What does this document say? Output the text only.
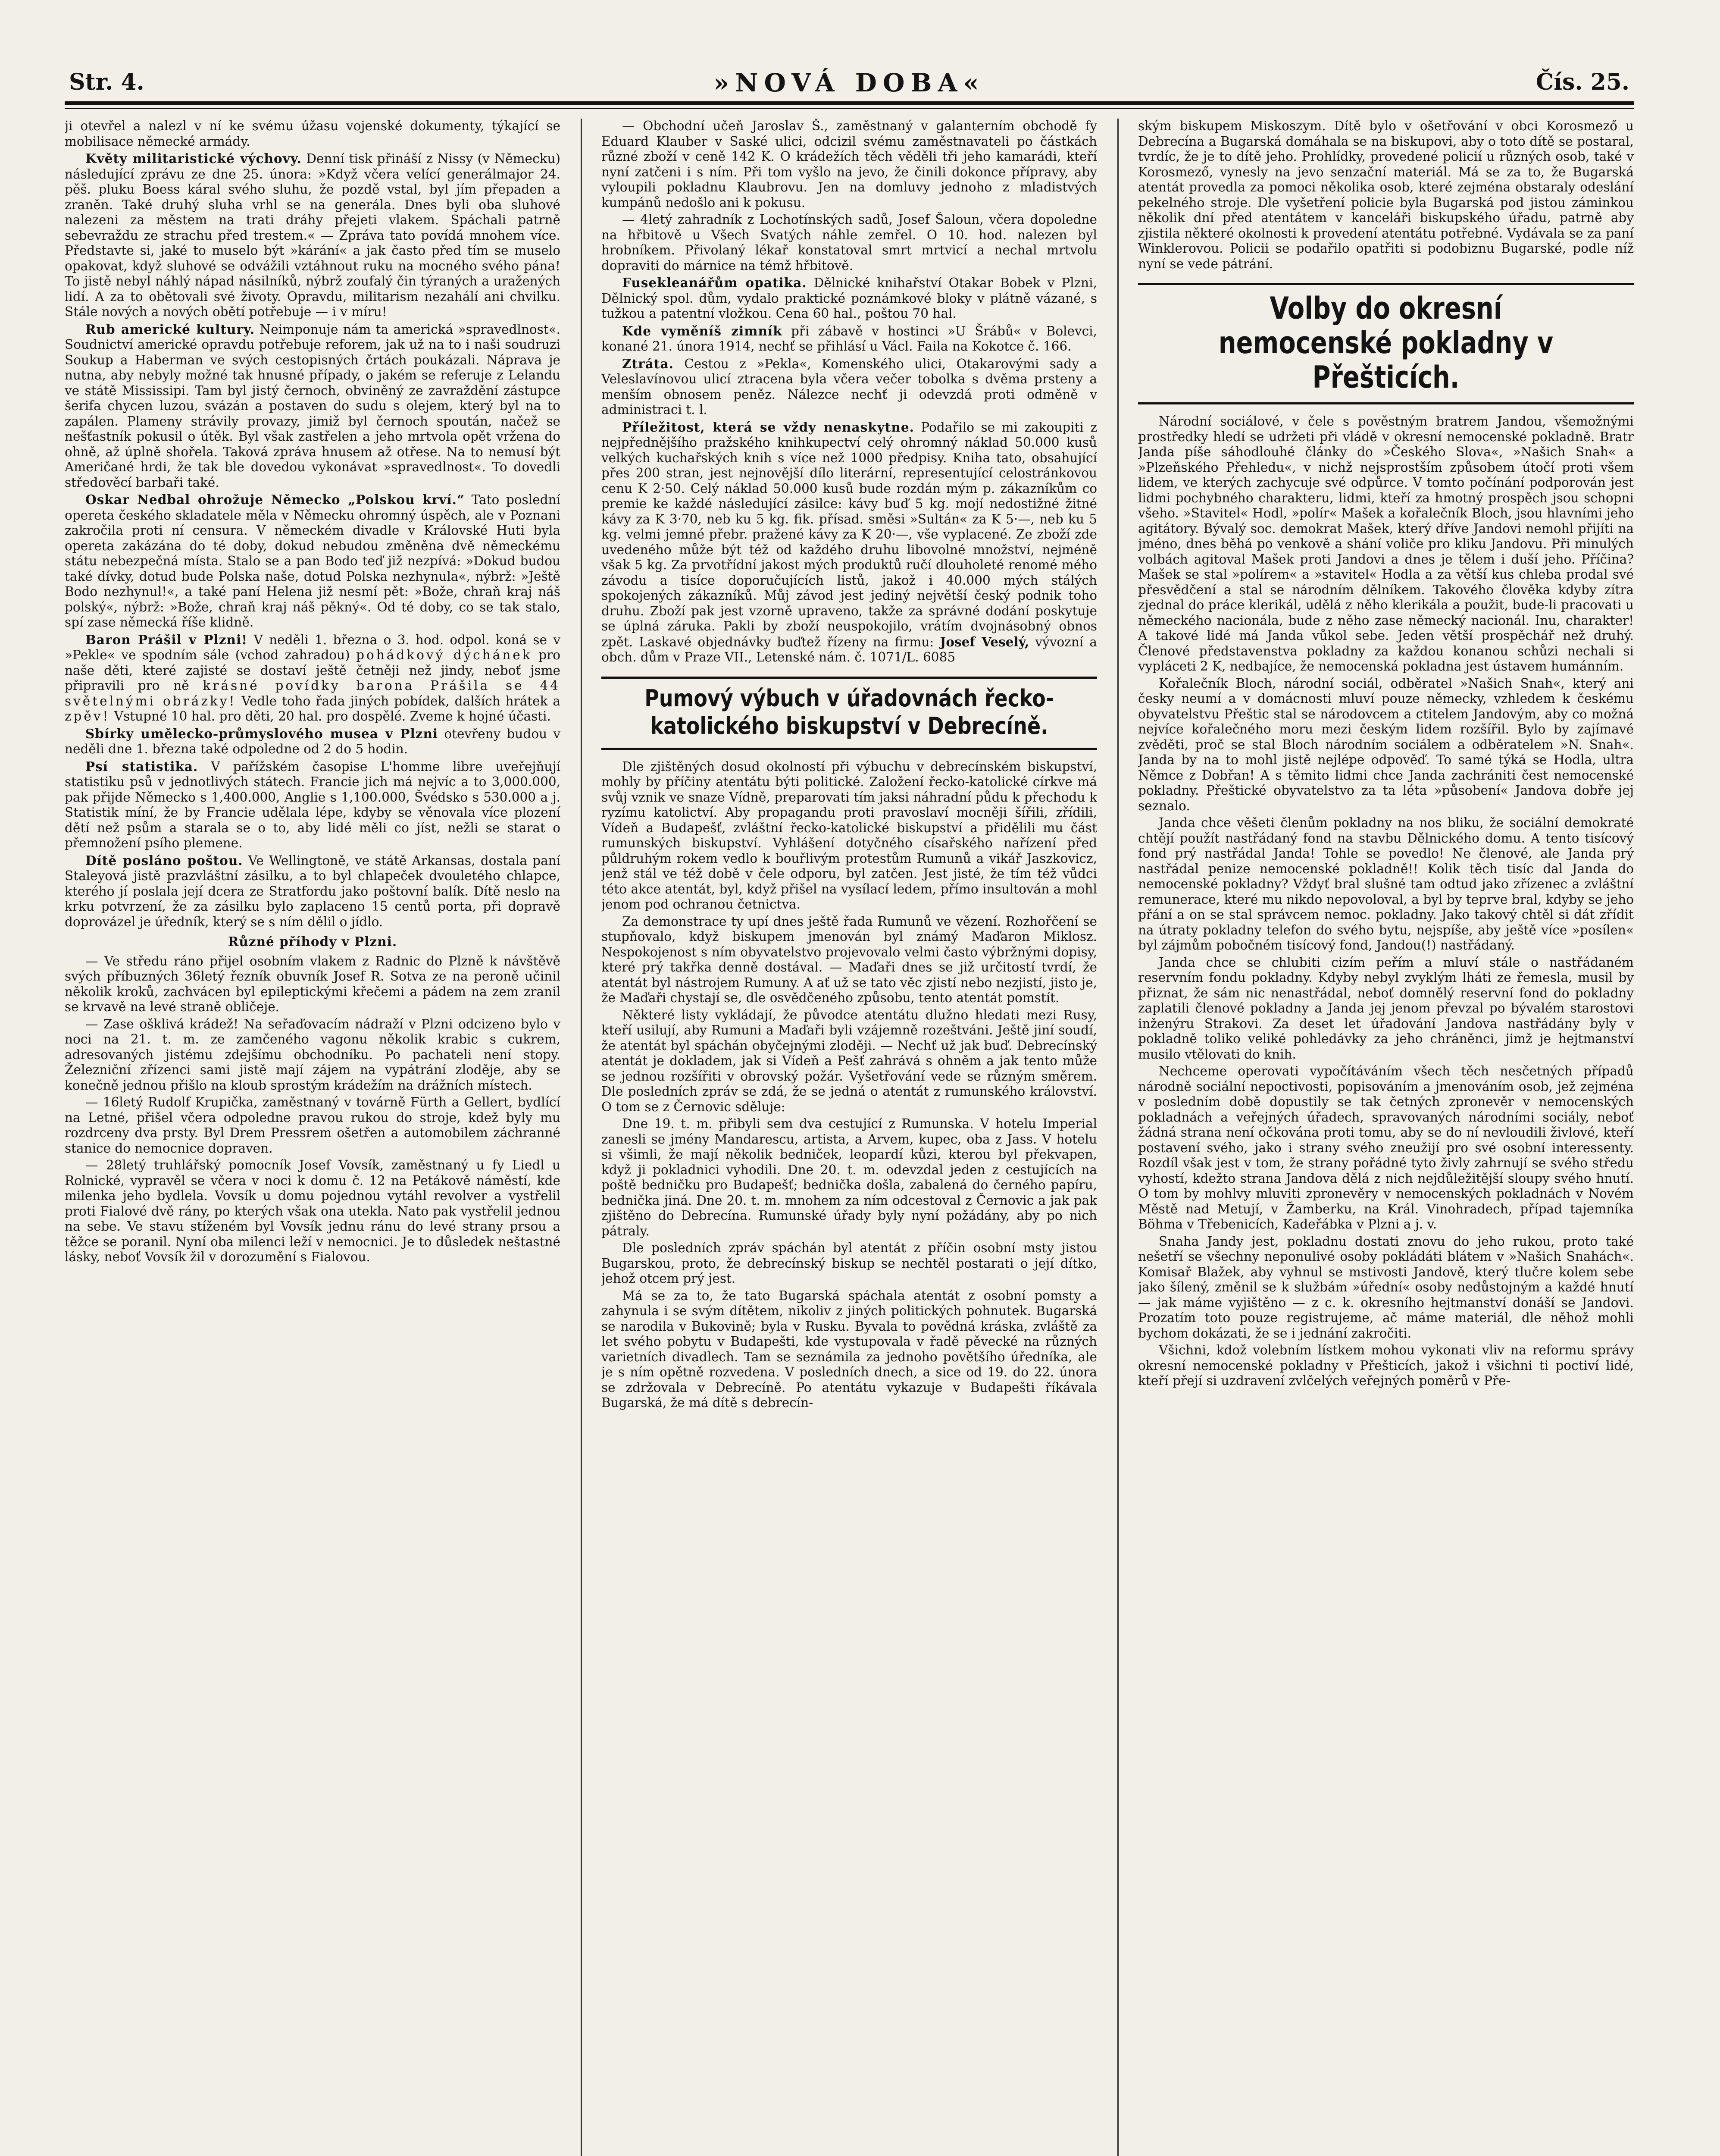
Str. 4.	»NOVÁ DOBA«	Čís. 25.

ji otevřel a nalezl v ní ke svému úžasu vojenské dokumenty, týkající se mobilisace německé armády.

Květy militaristické výchovy. Denní tisk přináší z Nissy (v Německu) následující zprávu ze dne 25. února: »Když včera velící generálmajor 24. pěš. pluku Boess káral svého sluhu, že pozdě vstal, byl jím přepaden a zraněn. Také druhý sluha vrhl se na generála. Dnes byli oba sluhové nalezeni za městem na trati dráhy přejeti vlakem. Spáchali patrně sebevraždu ze strachu před trestem.« — Zpráva tato povídá mnohem více. Představte si, jaké to muselo být »kárání« a jak často před tím se muselo opakovat, když sluhové se odvážili vztáhnout ruku na mocného svého pána! To jistě nebyl náhlý nápad násilníků, nýbrž zoufalý čin týraných a uražených lidí. A za to obětovali své životy. Opravdu, militarism nezahálí ani chvilku. Stále nových a nových obětí potřebuje — i v míru!

Rub americké kultury. Neimponuje nám ta americká »spravedlnost«. Soudnictví americké opravdu potřebuje reforem, jak už na to i naši soudruzi Soukup a Haberman ve svých cestopisných črtách poukázali. Náprava je nutna, aby nebyly možné tak hnusné případy, o jakém se referuje z Lelandu ve státě Mississipi. Tam byl jistý černoch, obviněný ze zavraždění zástupce šerifa chycen luzou, svázán a postaven do sudu s olejem, který byl na to zapálen. Plameny strávily provazy, jimiž byl černoch spoután, načež se nešťastník pokusil o útěk. Byl však zastřelen a jeho mrtvola opět vržena do ohně, až úplně shořela. Taková zpráva hnusem až otřese. Na to nemusí být Američané hrdi, že tak ble dovedou vykonávat »spravedlnost«. To dovedli středověcí barbaři také.

Oskar Nedbal ohrožuje Německo „Polskou krví.“ Tato poslední opereta českého skladatele měla v Německu ohromný úspěch, ale v Poznani zakročila proti ní censura. V německém divadle v Královské Huti byla opereta zakázána do té doby, dokud nebudou změněna dvě německému státu nebezpečná místa. Stalo se a pan Bodo teď již nezpívá: »Dokud budou také dívky, dotud bude Polska naše, dotud Polska nezhynula«, nýbrž: »Ještě Bodo nezhynul!«, a také paní Helena již nesmí pět: »Bože, chraň kraj náš polský«, nýbrž: »Bože, chraň kraj náš pěkný«. Od té doby, co se tak stalo, spí zase německá říše klidně.

Baron Prášil v Plzni! V neděli 1. března o 3. hod. odpol. koná se v »Pekle« ve spodním sále (vchod zahradou) pohádkový dýchánek pro naše děti, které zajisté se dostaví ještě četněji než jindy, neboť jsme připravili pro ně krásné povídky barona Prášila se 44 světelnými obrázky! Vedle toho řada jiných pobídek, dalších hrátek a zpěv! Vstupné 10 hal. pro děti, 20 hal. pro dospělé. Zveme k hojné účasti.

Sbírky umělecko-průmyslového musea v Plzni otevřeny budou v neděli dne 1. března také odpoledne od 2 do 5 hodin.

Psí statistika. V pařížském časopise L'homme libre uveřejňují statistiku psů v jednotlivých státech. Francie jich má nejvíc a to 3,000.000, pak přijde Německo s 1,400.000, Anglie s 1,100.000, Švédsko s 530.000 a j. Statistik míní, že by Francie udělala lépe, kdyby se věnovala více plození dětí než psům a starala se o to, aby lidé měli co jíst, nežli se starat o přemnožení psího plemene.

Dítě posláno poštou. Ve Wellingtoně, ve státě Arkansas, dostala paní Staleyová jistě prazvláštní zásilku, a to byl chlapeček dvouletého chlapce, kterého jí poslala její dcera ze Stratfordu jako poštovní balík. Dítě neslo na krku potvrzení, že za zásilku bylo zaplaceno 15 centů porta, při dopravě doprovázel je úředník, který se s ním dělil o jídlo.

Různé příhody v Plzni.

— Ve středu ráno přijel osobním vlakem z Radnic do Plzně k návštěvě svých příbuzných 36letý řezník obuvník Josef R. Sotva ze na peroně učinil několik kroků, zachvácen byl epileptickými křečemi a pádem na zem zranil se krvavě na levé straně obličeje.

— Zase ošklivá krádež! Na seřaďovacím nádraží v Plzni odcizeno bylo v noci na 21. t. m. ze zamčeného vagonu několik krabic s cukrem, adresovaných jistému zdejšímu obchodníku. Po pachateli není stopy. Železniční zřízenci sami jistě mají zájem na vypátrání zloděje, aby se konečně jednou přišlo na kloub sprostým krádežím na drážních místech.

— 16letý Rudolf Krupička, zaměstnaný v továrně Fürth a Gellert, bydlící na Letné, přišel včera odpoledne pravou rukou do stroje, kdež byly mu rozdrceny dva prsty. Byl Drem Pressrem ošetřen a automobilem záchranné stanice do nemocnice dopraven.

— 28letý truhlářský pomocník Josef Vovsík, zaměstnaný u fy Liedl u Rolnické, vypravěl se včera v noci k domu č. 12 na Petákově náměstí, kde milenka jeho bydlela. Vovsík u domu pojednou vytáhl revolver a vystřelil proti Fialové dvě rány, po kterých však ona utekla. Nato pak vystřelil jednou na sebe. Ve stavu stíženém byl Vovsík jednu ránu do levé strany prsou a těžce se poranil. Nyní oba milenci leží v nemocnici. Je to důsledek neštastné lásky, neboť Vovsík žil v dorozumění s Fialovou.

— Obchodní učeň Jaroslav Š., zaměstnaný v galanterním obchodě fy Eduard Klauber v Saské ulici, odcizil svému zaměstnavateli po částkách různé zboží v ceně 142 K. O krádežích těch věděli tři jeho kamarádi, kteří nyní zatčeni i s ním. Při tom vyšlo na jevo, že činili dokonce přípravy, aby vyloupili pokladnu Klaubrovu. Jen na domluvy jednoho z mladistvých kumpánů nedošlo ani k pokusu.

— 4letý zahradník z Lochotínských sadů, Josef Šaloun, včera dopoledne na hřbitově u Všech Svatých náhle zemřel. O 10. hod. nalezen byl hrobníkem. Přivolaný lékař konstatoval smrt mrtvicí a nechal mrtvolu dopraviti do márnice na témž hřbitově.

Fusekleanářům opatika. Dělnické knihařství Otakar Bobek v Plzni, Dělnický spol. dům, vydalo praktické poznámkové bloky v plátně vázané, s tužkou a patentní vložkou. Cena 60 hal., poštou 70 hal.

Kde vyměníš zimník při zábavě v hostinci »U Šrábů« v Bolevci, konané 21. února 1914, nechť se přihlásí u Václ. Faila na Kokotce č. 166.

Ztráta. Cestou z »Pekla«, Komenského ulici, Otakarovými sady a Veleslavínovou ulicí ztracena byla včera večer tobolka s dvěma prsteny a menším obnosem peněz. Nálezce nechť ji odevzdá proti odměně v administraci t. l.

Příležitost, která se vždy nenaskytne. Podařilo se mi zakoupiti z nejpřednějšího pražského knihkupectví celý ohromný náklad 50.000 kusů velkých kuchařských knih s více než 1000 předpisy. Kniha tato, obsahující přes 200 stran, jest nejnovější dílo literární, representující celostránkovou cenu K 2·50. Celý náklad 50.000 kusů bude rozdán mým p. zákazníkům co premie ke každé následující zásilce: kávy buď 5 kg. mojí nedostižné žitné kávy za K 3·70, neb ku 5 kg. fik. přísad. směsi »Sultán« za K 5·—, neb ku 5 kg. velmi jemné přebr. pražené kávy za K 20·—, vše vyplacené. Ze zboží zde uvedeného může být též od každého druhu libovolné množství, nejméně však 5 kg. Za prvotřídní jakost mých produktů ručí dlouholeté renomé mého závodu a tisíce doporučujících listů, jakož i 40.000 mých stálých spokojených zákazníků. Můj závod jest jediný největší český podnik toho druhu. Zboží pak jest vzorně upraveno, takže za správné dodání poskytuje se úplná záruka. Pakli by zboží neuspokojilo, vrátím dvojnásobný obnos zpět. Laskavé objednávky buďtež řízeny na firmu: Josef Veselý, vývozní a obch. dům v Praze VII., Letenské nám. č. 1071/L. 6085

Pumový výbuch v úřadovnách řecko-katolického biskupství v Debrecíně.

Dle zjištěných dosud okolností při výbuchu v debrecínském biskupství, mohly by příčiny atentátu býti politické. Založení řecko-katolické církve má svůj vznik ve snaze Vídně, preparovati tím jaksi náhradní půdu k přechodu k ryzímu katolictví. Aby propagandu proti pravoslaví mocněji šířili, zřídili, Vídeň a Budapešť, zvláštní řecko-katolické biskupství a přidělili mu část rumunských biskupství. Vyhlášení dotyčného císařského nařízení před půldruhým rokem vedlo k bouřlivým protestům Rumunů a vikář Jaszkovicz, jenž stál ve též době v čele odporu, byl zatčen. Jest jisté, že tím též vůdci této akce atentát, byl, když přišel na vysílací ledem, přímo insultován a mohl jenom pod ochranou četnictva.

Za demonstrace ty upí dnes ještě řada Rumunů ve vězení. Rozhořčení se stupňovalo, když biskupem jmenován byl známý Maďaron Miklosz. Nespokojenost s ním obyvatelstvo projevovalo velmi často výbržnými dopisy, které prý takřka denně dostával. — Maďaři dnes se již určitostí tvrdí, že atentát byl nástrojem Rumuny. A ať už se tato věc zjistí nebo nezjistí, jisto je, že Maďaři chystají se, dle osvědčeného způsobu, tento atentát pomstít.

Některé listy vykládají, že původce atentátu dlužno hledati mezi Rusy, kteří usilují, aby Rumuni a Maďaři byli vzájemně rozeštváni. Ještě jiní soudí, že atentát byl spáchán obyčejnými zloději. — Nechť už jak buď. Debrecínský atentát je dokladem, jak si Vídeň a Pešť zahrává s ohněm a jak tento může se jednou rozšířiti v obrovský požár. Vyšetřování vede se různým směrem. Dle posledních zpráv se zdá, že se jedná o atentát z rumunského království. O tom se z Černovic sděluje:

Dne 19. t. m. přibyli sem dva cestující z Rumunska. V hotelu Imperial zanesli se jmény Mandarescu, artista, a Arvem, kupec, oba z Jass. V hotelu si všimli, že mají několik bedniček, leopardí kůzi, kterou byl překvapen, když ji pokladnici vyhodili. Dne 20. t. m. odevzdal jeden z cestujících na poště bedničku pro Budapešť; bednička došla, zabalená do černého papíru, bednička jiná. Dne 20. t. m. mnohem za ním odcestoval z Černovic a jak pak zjištěno do Debrecína. Rumunské úřady byly nyní požádány, aby po nich pátraly.

Dle posledních zpráv spáchán byl atentát z příčin osobní msty jistou Bugarskou, proto, že debrecínský biskup se nechtěl postarati o její dítko, jehož otcem prý jest.

Má se za to, že tato Bugarská spáchala atentát z osobní pomsty a zahynula i se svým dítětem, nikoliv z jiných politických pohnutek. Bugarská se narodila v Bukovině; byla v Rusku. Byvala to povědná kráska, zvláště za let svého pobytu v Budapešti, kde vystupovala v řadě pěvecké na různých varietních divadlech. Tam se seznámila za jednoho povětšího úředníka, ale je s ním opětně rozvedena. V posledních dnech, a sice od 19. do 22. února se zdržovala v Debrecíně. Po atentátu vykazuje v Budapešti říkávala Bugarská, že má dítě s debrecín-

ským biskupem Miskoszym. Dítě bylo v ošetřování v obci Korosmező u Debrecína a Bugarská domáhala se na biskupovi, aby o toto dítě se postaral, tvrdíc, že je to dítě jeho. Prohlídky, provedené policií u různých osob, také v Korosmező, vynesly na jevo senzační materiál. Má se za to, že Bugarská atentát provedla za pomoci několika osob, které zejména obstaraly odeslání pekelného stroje. Dle vyšetření policie byla Bugarská pod jistou záminkou několik dní před atentátem v kanceláři biskupského úřadu, patrně aby zjistila některé okolnosti k provedení atentátu potřebné. Vydávala se za paní Winklerovou. Policii se podařilo opatřiti si podobiznu Bugarské, podle níž nyní se vede pátrání.

Volby do okresní nemocenské pokladny v Přešticích.

Národní sociálové, v čele s pověstným bratrem Jandou, všemožnými prostředky hledí se udržeti při vládě v okresní nemocenské pokladně. Bratr Janda píše sáhodlouhé články do »Českého Slova«, »Našich Snah« a »Plzeňského Přehledu«, v nichž nejsprostším způsobem útočí proti všem lidem, ve kterých zachycuje své odpůrce. V tomto počínání podporován jest lidmi pochybného charakteru, lidmi, kteří za hmotný prospěch jsou schopni všeho. »Stavitel« Hodl, »polír« Mašek a kořalečník Bloch, jsou hlavními jeho agitátory. Bývalý soc. demokrat Mašek, který dříve Jandovi nemohl přijíti na jméno, dnes běhá po venkově a shání voliče pro kliku Jandovu. Při minulých volbách agitoval Mašek proti Jandovi a dnes je tělem i duší jeho. Příčina? Mašek se stal »polírem« a »stavitel« Hodla a za větší kus chleba prodal své přesvědčení a stal se národním dělníkem. Takového člověka kdyby zítra zjednal do práce klerikál, udělá z něho klerikála a použit, bude-li pracovati u německého nacionála, bude z něho zase německý nacionál. Inu, charakter! A takové lidé má Janda vůkol sebe. Jeden větší prospěchář než druhý. Členové představenstva pokladny za každou konanou schůzi nechali si vypláceti 2 K, nedbajíce, že nemocenská pokladna jest ústavem humánním.

Kořalečník Bloch, národní sociál, odběratel »Našich Snah«, který ani česky neumí a v domácnosti mluví pouze německy, vzhledem k českému obyvatelstvu Přeštic stal se národovcem a ctitelem Jandovým, aby co možná nejvíce kořalečného moru mezi českým lidem rozšířil. Bylo by zajímavé zvěděti, proč se stal Bloch národním sociálem a odběratelem »N. Snah«. Janda by na to mohl jistě nejlépe odpověď. To samé týká se Hodla, ultra Němce z Dobřan! A s těmito lidmi chce Janda zachrániti čest nemocenské pokladny. Přeštické obyvatelstvo za ta léta »působení« Jandova dobře jej seznalo.

Janda chce věšeti členům pokladny na nos bliku, že sociální demokraté chtějí použít nastřádaný fond na stavbu Dělnického domu. A tento tisícový fond prý nastřádal Janda! Tohle se povedlo! Ne členové, ale Janda prý nastřádal penize nemocenské pokladně!! Kolik těch tisíc dal Janda do nemocenské pokladny? Vždyť bral slušné tam odtud jako zřízenec a zvláštní remunerace, které mu nikdo nepovoloval, a byl by teprve bral, kdyby se jeho přání a on se stal správcem nemoc. pokladny. Jako takový chtěl si dát zřídit na útraty pokladny telefon do svého bytu, nejspíše, aby ještě více »posílen« byl zájmům pobočném tisícový fond, Jandou(!) nastřádaný.

Janda chce se chlubiti cizím peřím a mluví stále o nastřádaném reservním fondu pokladny. Kdyby nebyl zvyklým lháti ze řemesla, musil by přiznat, že sám nic nenastřádal, neboť domnělý reservní fond do pokladny zaplatili členové pokladny a Janda jej jenom převzal po bývalém starostovi inženýru Strakovi. Za deset let úřadování Jandova nastřádány byly v pokladně toliko veliké pohledávky za jeho chráněnci, jimž je hejtmanství musilo vtělovati do knih.

Nechceme operovati vypočítáváním všech těch nesčetných případů národně sociální nepoctivosti, popisováním a jmenováním osob, jež zejména v posledním době dopustily se tak četných zpronevěr v nemocenských pokladnách a veřejných úřadech, spravovaných národními sociály, neboť žádná strana není očkována proti tomu, aby se do ní nevloudili živlové, kteří postavení svého, jako i strany svého zneužijí pro své osobní interessenty. Rozdíl však jest v tom, že strany pořádné tyto živly zahrnují se svého středu vyhostí, kdežto strana Jandova dělá z nich nejdůležitější sloupy svého hnutí. O tom by mohlvy mluviti zpronevěry v nemocenských pokladnách v Novém Městě nad Metují, v Žamberku, na Král. Vinohradech, případ tajemníka Böhma v Třebenicích, Kadeřábka v Plzni a j. v.

Snaha Jandy jest, pokladnu dostati znovu do jeho rukou, proto také nešetří se všechny neponulivé osoby pokládáti blátem v »Našich Snahách«. Komisař Blažek, aby vyhnul se mstivosti Jandově, který tlučre kolem sebe jako šílený, změnil se k službám »úřední« osoby nedůstojným a každé hnutí — jak máme vyjištěno — z c. k. okresního hejtmanství donáší se Jandovi. Prozatím toto pouze registrujeme, ač máme materiál, dle něhož mohli bychom dokázati, že se i jednání zakročiti.

Všichni, kdož volebním lístkem mohou vykonati vliv na reformu správy okresní nemocenské pokladny v Přešticích, jakož i všichni ti poctiví lidé, kteří přejí si uzdravení zvlčelých veřejných poměrů v Pře-
